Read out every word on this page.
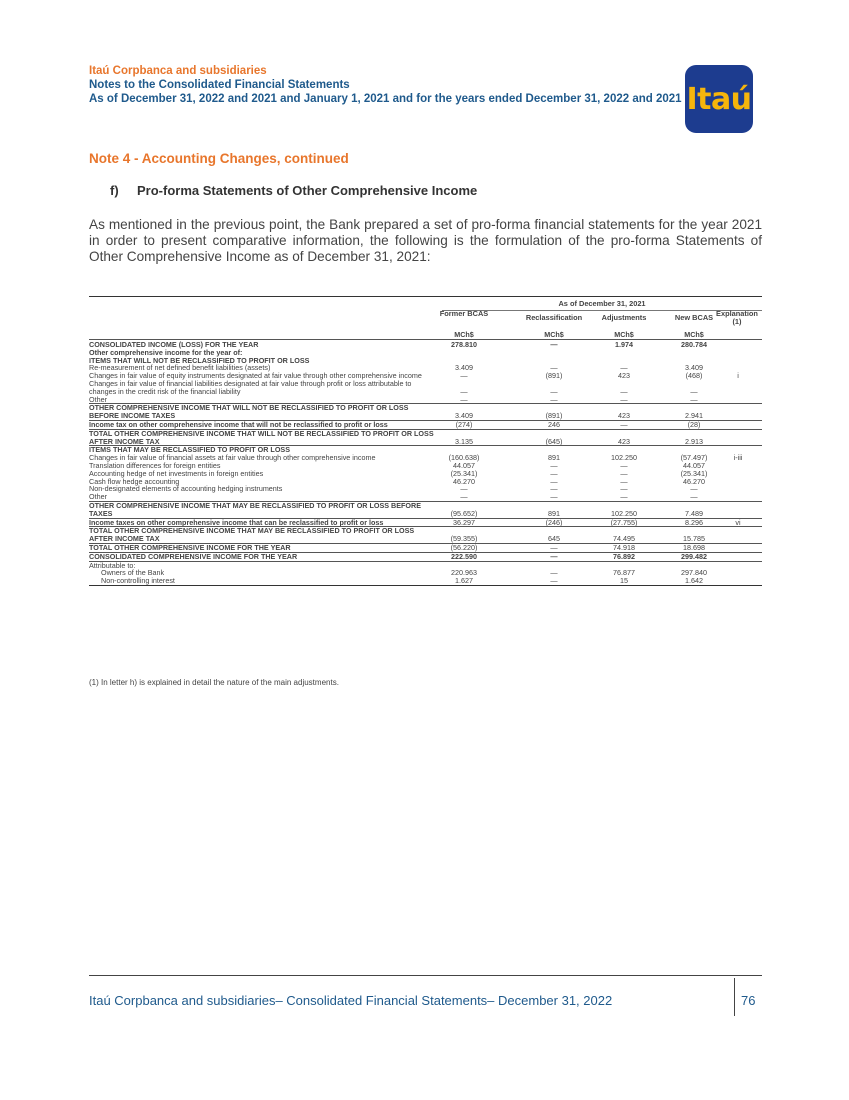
Itaú Corpbanca and subsidiaries
Notes to the Consolidated Financial Statements
As of December 31, 2022 and 2021 and January 1, 2021 and for the years ended December 31, 2022 and 2021 Itaú
Note 4 - Accounting Changes, continued
f) Pro-forma Statements of Other Comprehensive Income
As mentioned in the previous point, the Bank prepared a set of pro-forma financial statements for the year 2021 in order to present comparative information, the following is the formulation of the pro-forma Statements of Other Comprehensive Income as of December 31, 2021:
As of December 31, 2021
Former BCAS	Reclassification	Adjustments	New BCAS Explanation (1)
MCh$	MCh$	MCh$	MCh$
CONSOLIDATED INCOME (LOSS) FOR THE YEAR	278.810	—	1.974	280.784
Other comprehensive income for the year of:
ITEMS THAT WILL NOT BE RECLASSIFIED TO PROFIT OR LOSS
Re-measurement of net defined benefit liabilities (assets)	3.409	—	—	3.409
Changes in fair value of equity instruments designated at fair value through other comprehensive income	—	(891)	423	(468)	i
Changes in fair value of financial liabilities designated at fair value through profit or loss attributable to changes in the credit risk of the financial liability	—	—	—	—
Other	—	—	—	—
OTHER COMPREHENSIVE INCOME THAT WILL NOT BE RECLASSIFIED TO PROFIT OR LOSS BEFORE INCOME TAXES	3.409	(891)	423	2.941
Income tax on other comprehensive income that will not be reclassified to profit or loss	(274)	246	—	(28)
TOTAL OTHER COMPREHENSIVE INCOME THAT WILL NOT BE RECLASSIFIED TO PROFIT OR LOSS AFTER INCOME TAX	3.135	(645)	423	2.913
ITEMS THAT MAY BE RECLASSIFIED TO PROFIT OR LOSS
Changes in fair value of financial assets at fair value through other comprehensive income	(160.638)	891	102.250	(57.497)	i-iii
Translation differences for foreign entities	44.057	—	—	44.057
Accounting hedge of net investments in foreign entities	(25.341)	—	—	(25.341)
Cash flow hedge accounting	46.270	—	—	46.270
Non-designated elements of accounting hedging instruments	—	—	—	—
Other	—	—	—	—
OTHER COMPREHENSIVE INCOME THAT MAY BE RECLASSIFIED TO PROFIT OR LOSS BEFORE TAXES	(95.652)	891	102.250	7.489
Income taxes on other comprehensive income that can be reclassified to profit or loss	36.297	(246)	(27.755)	8.296	vi
TOTAL OTHER COMPREHENSIVE INCOME THAT MAY BE RECLASSIFIED TO PROFIT OR LOSS AFTER INCOME TAX	(59.355)	645	74.495	15.785
TOTAL OTHER COMPREHENSIVE INCOME FOR THE YEAR	(56.220)	—	74.918	18.698
CONSOLIDATED COMPREHENSIVE INCOME FOR THE YEAR	222.590	—	76.892	299.482
Attributable to:
Owners of the Bank	220.963	—	76.877	297.840
Non-controlling interest	1.627	—	15	1.642
(1) In letter h) is explained in detail the nature of the main adjustments.
Itaú Corpbanca and subsidiaries– Consolidated Financial Statements– December 31, 2022	76
